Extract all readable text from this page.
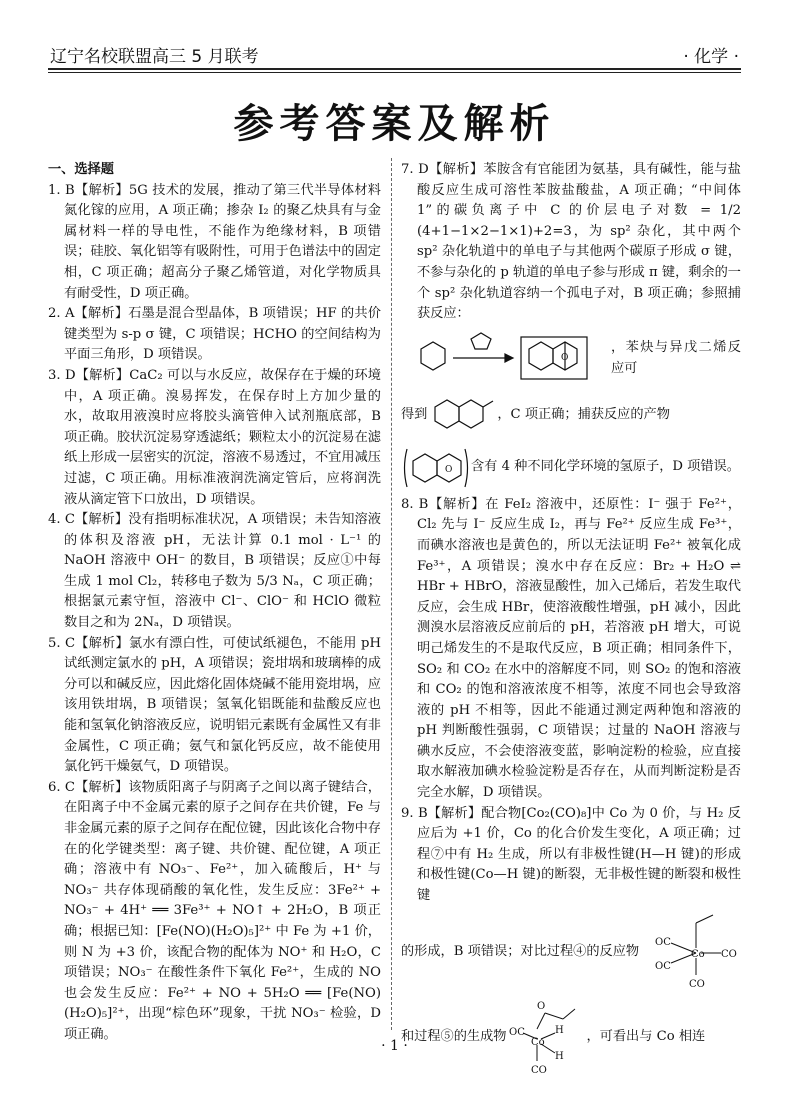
辽宁名校联盟高三 5 月联考	· 化学 ·
参考答案及解析
一、选择题

1. B【解析】5G 技术的发展，推动了第三代半导体材料氮化镓的应用，A 项正确；掺杂 I₂ 的聚乙炔具有与金属材料一样的导电性，不能作为绝缘材料，B 项错误；硅胶、氧化铝等有吸附性，可用于色谱法中的固定相，C 项正确；超高分子聚乙烯管道，对化学物质具有耐受性，D 项正确。

2. A【解析】石墨是混合型晶体，B 项错误；HF 的共价键类型为 s-p σ 键，C 项错误；HCHO 的空间结构为平面三角形，D 项错误。

3. D【解析】CaC₂ 可以与水反应，故保存在于燥的环境中，A 项正确。溴易挥发，在保存时上方加少量的水，故取用液溴时应将胶头滴管伸入试剂瓶底部，B 项正确。胶状沉淀易穿透滤纸；颗粒太小的沉淀易在滤纸上形成一层密实的沉淀，溶液不易透过，不宜用减压过滤，C 项正确。用标准液润洗滴定管后，应将润洗液从滴定管下口放出，D 项错误。

4. C【解析】没有指明标准状况，A 项错误；未告知溶液的体积及溶液 pH，无法计算 0.1 mol · L⁻¹ 的 NaOH 溶液中 OH⁻ 的数目，B 项错误；反应①中每生成 1 mol Cl₂，转移电子数为 5/3 Nₐ，C 项正确；根据氯元素守恒，溶液中 Cl⁻、ClO⁻ 和 HClO 微粒数目之和为 2Nₐ，D 项错误。

5. C【解析】氯水有漂白性，可使试纸褪色，不能用 pH 试纸测定氯水的 pH，A 项错误；瓷坩埚和玻璃棒的成分可以和碱反应，因此熔化固体烧碱不能用瓷坩埚，应该用铁坩埚，B 项错误；氢氧化铝既能和盐酸反应也能和氢氧化钠溶液反应，说明铝元素既有金属性又有非金属性，C 项正确；氨气和氯化钙反应，故不能使用氯化钙干燥氨气，D 项错误。

6. C【解析】该物质阳离子与阴离子之间以离子键结合，在阳离子中不金属元素的原子之间存在共价键，Fe 与非金属元素的原子之间存在配位键，因此该化合物中存在的化学键类型：离子键、共价键、配位键，A 项正确；溶液中有 NO₃⁻、Fe²⁺，加入硫酸后，H⁺ 与 NO₃⁻ 共存体现硝酸的氧化性，发生反应：3Fe²⁺ + NO₃⁻ + 4H⁺ ══ 3Fe³⁺ + NO↑ + 2H₂O，B 项正确；根据已知：[Fe(NO)(H₂O)₅]²⁺ 中 Fe 为 +1 价，则 N 为 +3 价，该配合物的配体为 NO⁺ 和 H₂O，C 项错误；NO₃⁻ 在酸性条件下氧化 Fe²⁺，生成的 NO 也会发生反应：Fe²⁺ + NO + 5H₂O ══ [Fe(NO)(H₂O)₅]²⁺，出现“棕色环”现象，干扰 NO₃⁻ 检验，D 项正确。

7. D【解析】苯胺含有官能团为氨基，具有碱性，能与盐酸反应生成可溶性苯胺盐酸盐，A 项正确；“中间体 1”的碳负离子中 C 的价层电子对数 = 1/2 (4+1−1×2−1×1)+2=3，为 sp² 杂化，其中两个 sp² 杂化轨道中的单电子与其他两个碳原子形成 σ 键，不参与杂化的 p 轨道的单电子参与形成 π 键，剩余的一个 sp² 杂化轨道容纳一个孤电子对，B 项正确；参照捕获反应：

O
，苯炔与异戊二烯反应可
得到	，C 项正确；捕获反应的产物
O 含有 4 种不同化学环境的氢原子，D 项错误。

8. B【解析】在 FeI₂ 溶液中，还原性：I⁻ 强于 Fe²⁺，Cl₂ 先与 I⁻ 反应生成 I₂，再与 Fe²⁺ 反应生成 Fe³⁺，而碘水溶液也是黄色的，所以无法证明 Fe²⁺ 被氧化成 Fe³⁺，A 项错误；溴水中存在反应：Br₂ + H₂O ⇌ HBr + HBrO，溶液显酸性，加入己烯后，若发生取代反应，会生成 HBr，使溶液酸性增强，pH 减小，因此测溴水层溶液反应前后的 pH，若溶液 pH 增大，可说明己烯发生的不是取代反应，B 项正确；相同条件下，SO₂ 和 CO₂ 在水中的溶解度不同，则 SO₂ 的饱和溶液和 CO₂ 的饱和溶液浓度不相等，浓度不同也会导致溶液的 pH 不相等，因此不能通过测定两种饱和溶液的 pH 判断酸性强弱，C 项错误；过量的 NaOH 溶液与碘水反应，不会使溶液变蓝，影响淀粉的检验，应直接取水解液加碘水检验淀粉是否存在，从而判断淀粉是否完全水解，D 项错误。

9. B【解析】配合物[Co₂(CO)₈]中 Co 为 0 价，与 H₂ 反应后为 +1 价，Co 的化合价发生变化，A 项正确；过程⑦中有 H₂ 生成，所以有非极性键(H—H 键)的形成和极性键(Co—H 键)的断裂，无非极性键的断裂和极性键

的形成，B 项错误；对比过程④的反应物	Co
OC
OC
CO
CO
和过程⑤的生成物
O
OC
Co
H
H
CO
，可看出与 Co 相连
· 1 ·
